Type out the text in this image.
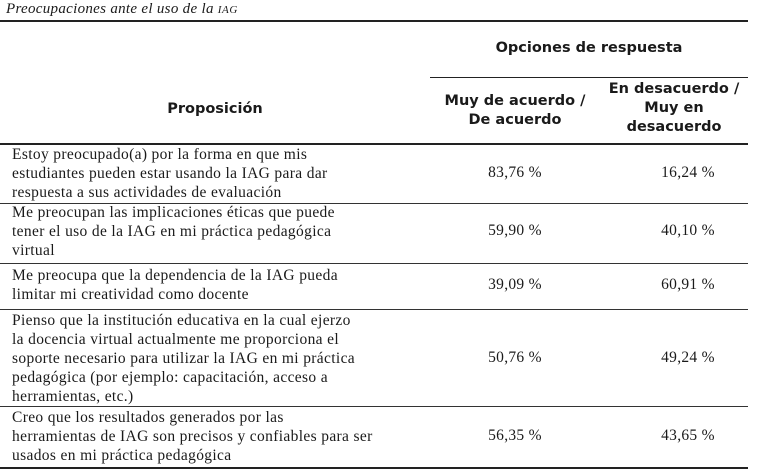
Preocupaciones ante el uso de la IAG
Opciones de respuesta
Proposición	Muy de acuerdo /
De acuerdo
En desacuerdo /
Muy en
desacuerdo
Estoy preocupado(a) por la forma en que mis
estudiantes pueden estar usando la IAG para dar
respuesta a sus actividades de evaluación
83,76 %	16,24 %
Me preocupan las implicaciones éticas que puede
tener el uso de la IAG en mi práctica pedagógica
virtual
59,90 %	40,10 %
Me preocupa que la dependencia de la IAG pueda
limitar mi creatividad como docente
39,09 %	60,91 %
Pienso que la institución educativa en la cual ejerzo
la docencia virtual actualmente me proporciona el
soporte necesario para utilizar la IAG en mi práctica
pedagógica (por ejemplo: capacitación, acceso a
herramientas, etc.)
50,76 %	49,24 %
Creo que los resultados generados por las
herramientas de IAG son precisos y confiables para ser
usados en mi práctica pedagógica
56,35 %	43,65 %
